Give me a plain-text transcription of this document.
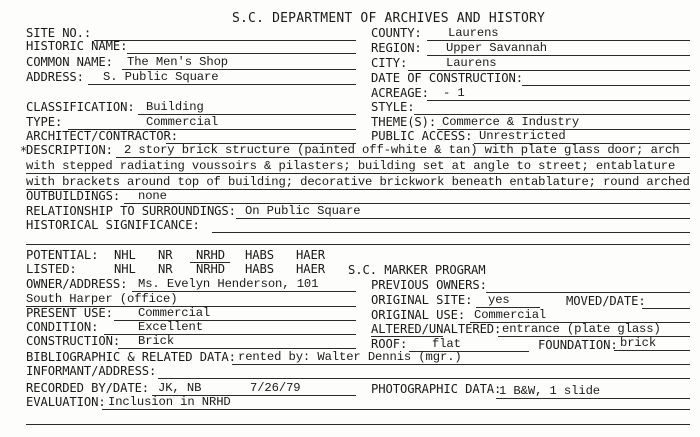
S.C. DEPARTMENT OF ARCHIVES AND HISTORY
SITE NO.:
HISTORIC NAME:
COMMON NAME: The Men's Shop
ADDRESS: S. Public Square
COUNTY: Laurens
REGION: Upper Savannah
CITY:	Laurens
DATE OF CONSTRUCTION:
ACREAGE: - 1
CLASSIFICATION: Building
TYPE:	Commercial
ARCHITECT/CONTRACTOR:
STYLE:
THEME(S): Commerce & Industry
PUBLIC ACCESS: Unrestricted
*
DESCRIPTION: 2 story brick structure (painted off-white & tan) with plate glass door; arch
with stepped radiating voussoirs & pilasters; building set at angle to street; entablature
with brackets around top of building; decorative brickwork beneath entablature; round arched
OUTBUILDINGS: none
RELATIONSHIP TO SURROUNDINGS: On Public Square
HISTORICAL SIGNIFICANCE:
POTENTIAL: NHL NR NRHD HABS HAER
LISTED:	NHL NR NRHD HABS HAER S.C. MARKER PROGRAM
OWNER/ADDRESS: Ms. Evelyn Henderson, 101	PREVIOUS OWNERS:
South Harper (office)	ORIGINAL SITE: yes	MOVED/DATE:
PRESENT USE: Commercial	ORIGINAL USE: Commercial
CONDITION:	Excellent	ALTERED/UNALTERED: entrance (plate glass)
CONSTRUCTION: Brick	ROOF: flat	FOUNDATION: brick
BIBLIOGRAPHIC & RELATED DATA: rented by: Walter Dennis (mgr.)
INFORMANT/ADDRESS:
RECORDED BY/DATE: JK, NB	7/26/79	PHOTOGRAPHIC DATA:
1 B&W, 1 slide
EVALUATION: Inclusion in NRHD
